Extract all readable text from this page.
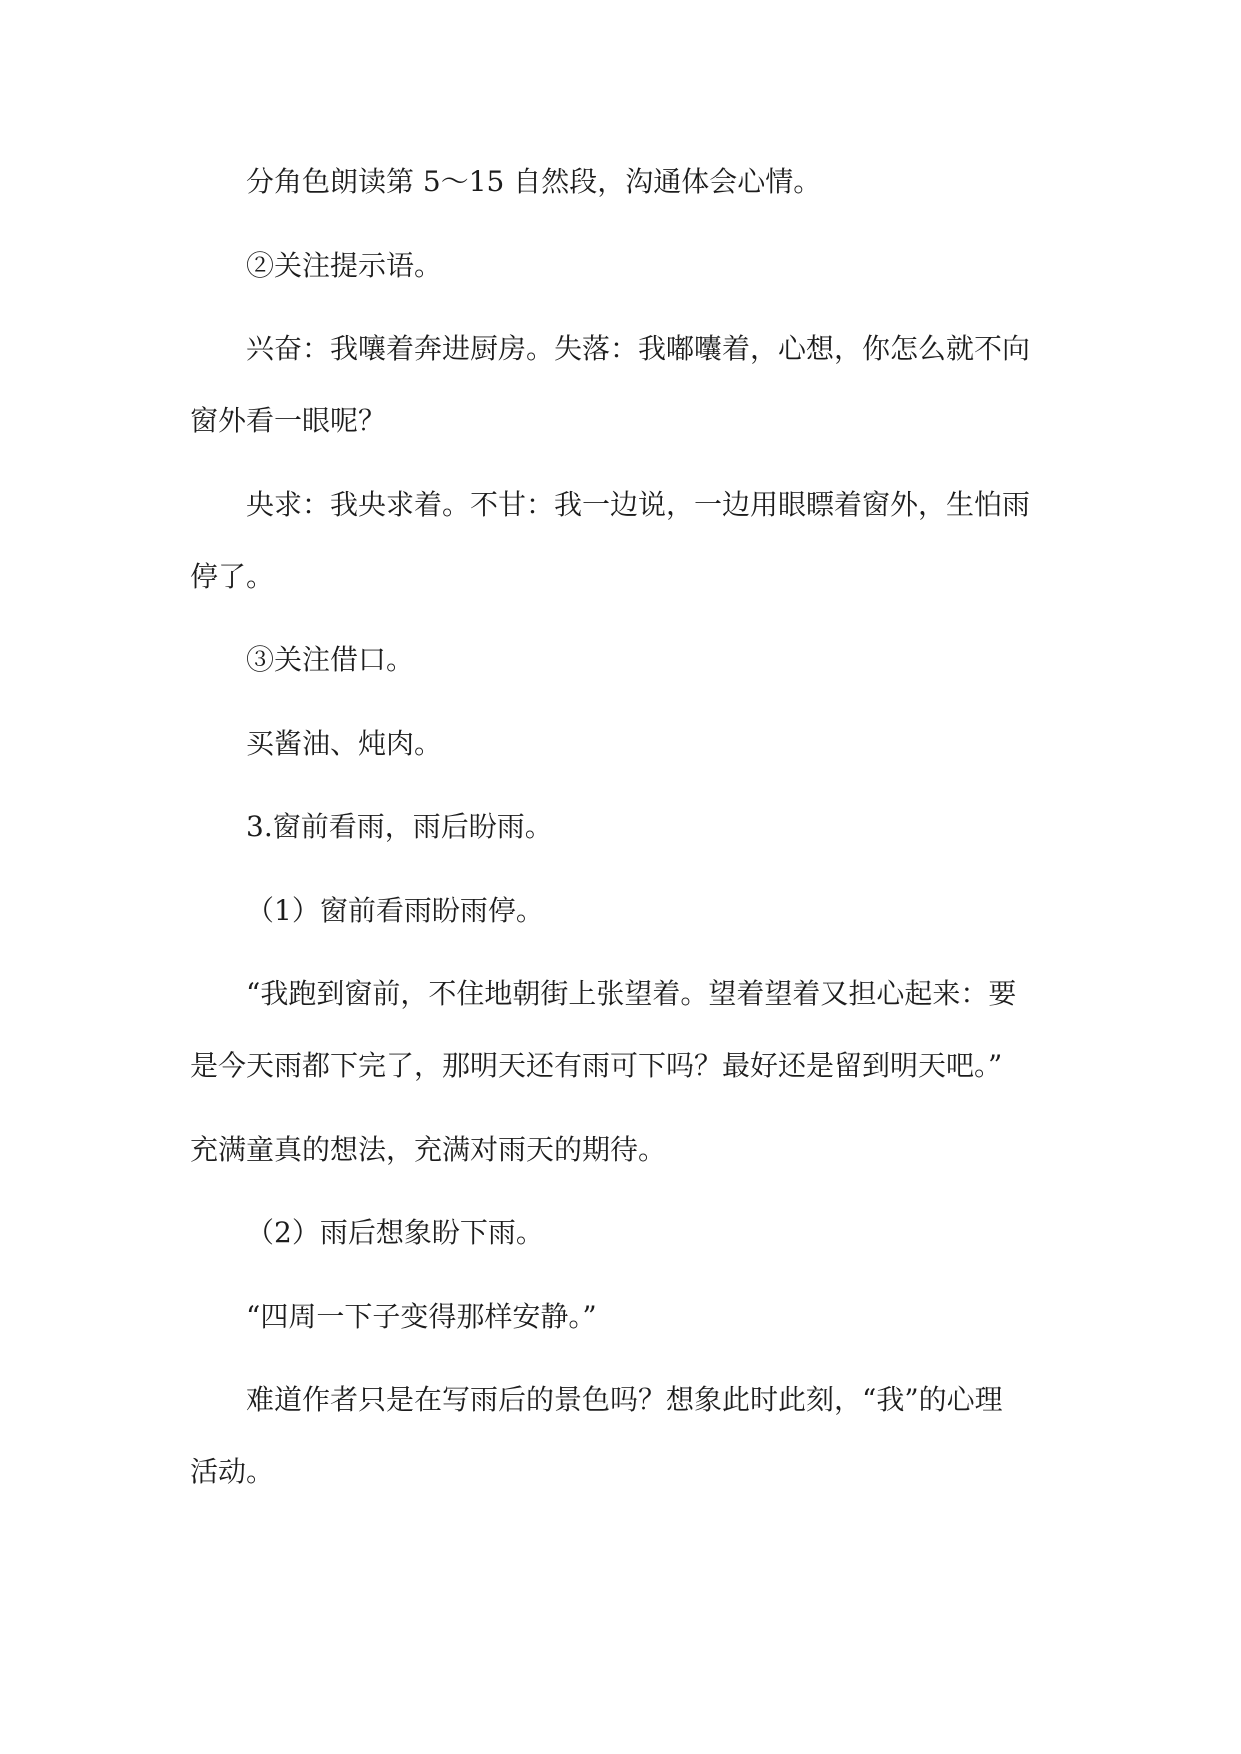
分角色朗读第 5～15 自然段，沟通体会心情。
②关注提示语。
兴奋：我嚷着奔进厨房。失落：我嘟囔着，心想，你怎么就不向
窗外看一眼呢？
央求：我央求着。不甘：我一边说，一边用眼瞟着窗外，生怕雨
停了。
③关注借口。
买酱油、炖肉。
3.窗前看雨，雨后盼雨。
（1）窗前看雨盼雨停。
“我跑到窗前，不住地朝街上张望着。望着望着又担心起来：要
是今天雨都下完了，那明天还有雨可下吗？最好还是留到明天吧。”
充满童真的想法，充满对雨天的期待。
（2）雨后想象盼下雨。
“四周一下子变得那样安静。”
难道作者只是在写雨后的景色吗？想象此时此刻，“我”的心理
活动。
